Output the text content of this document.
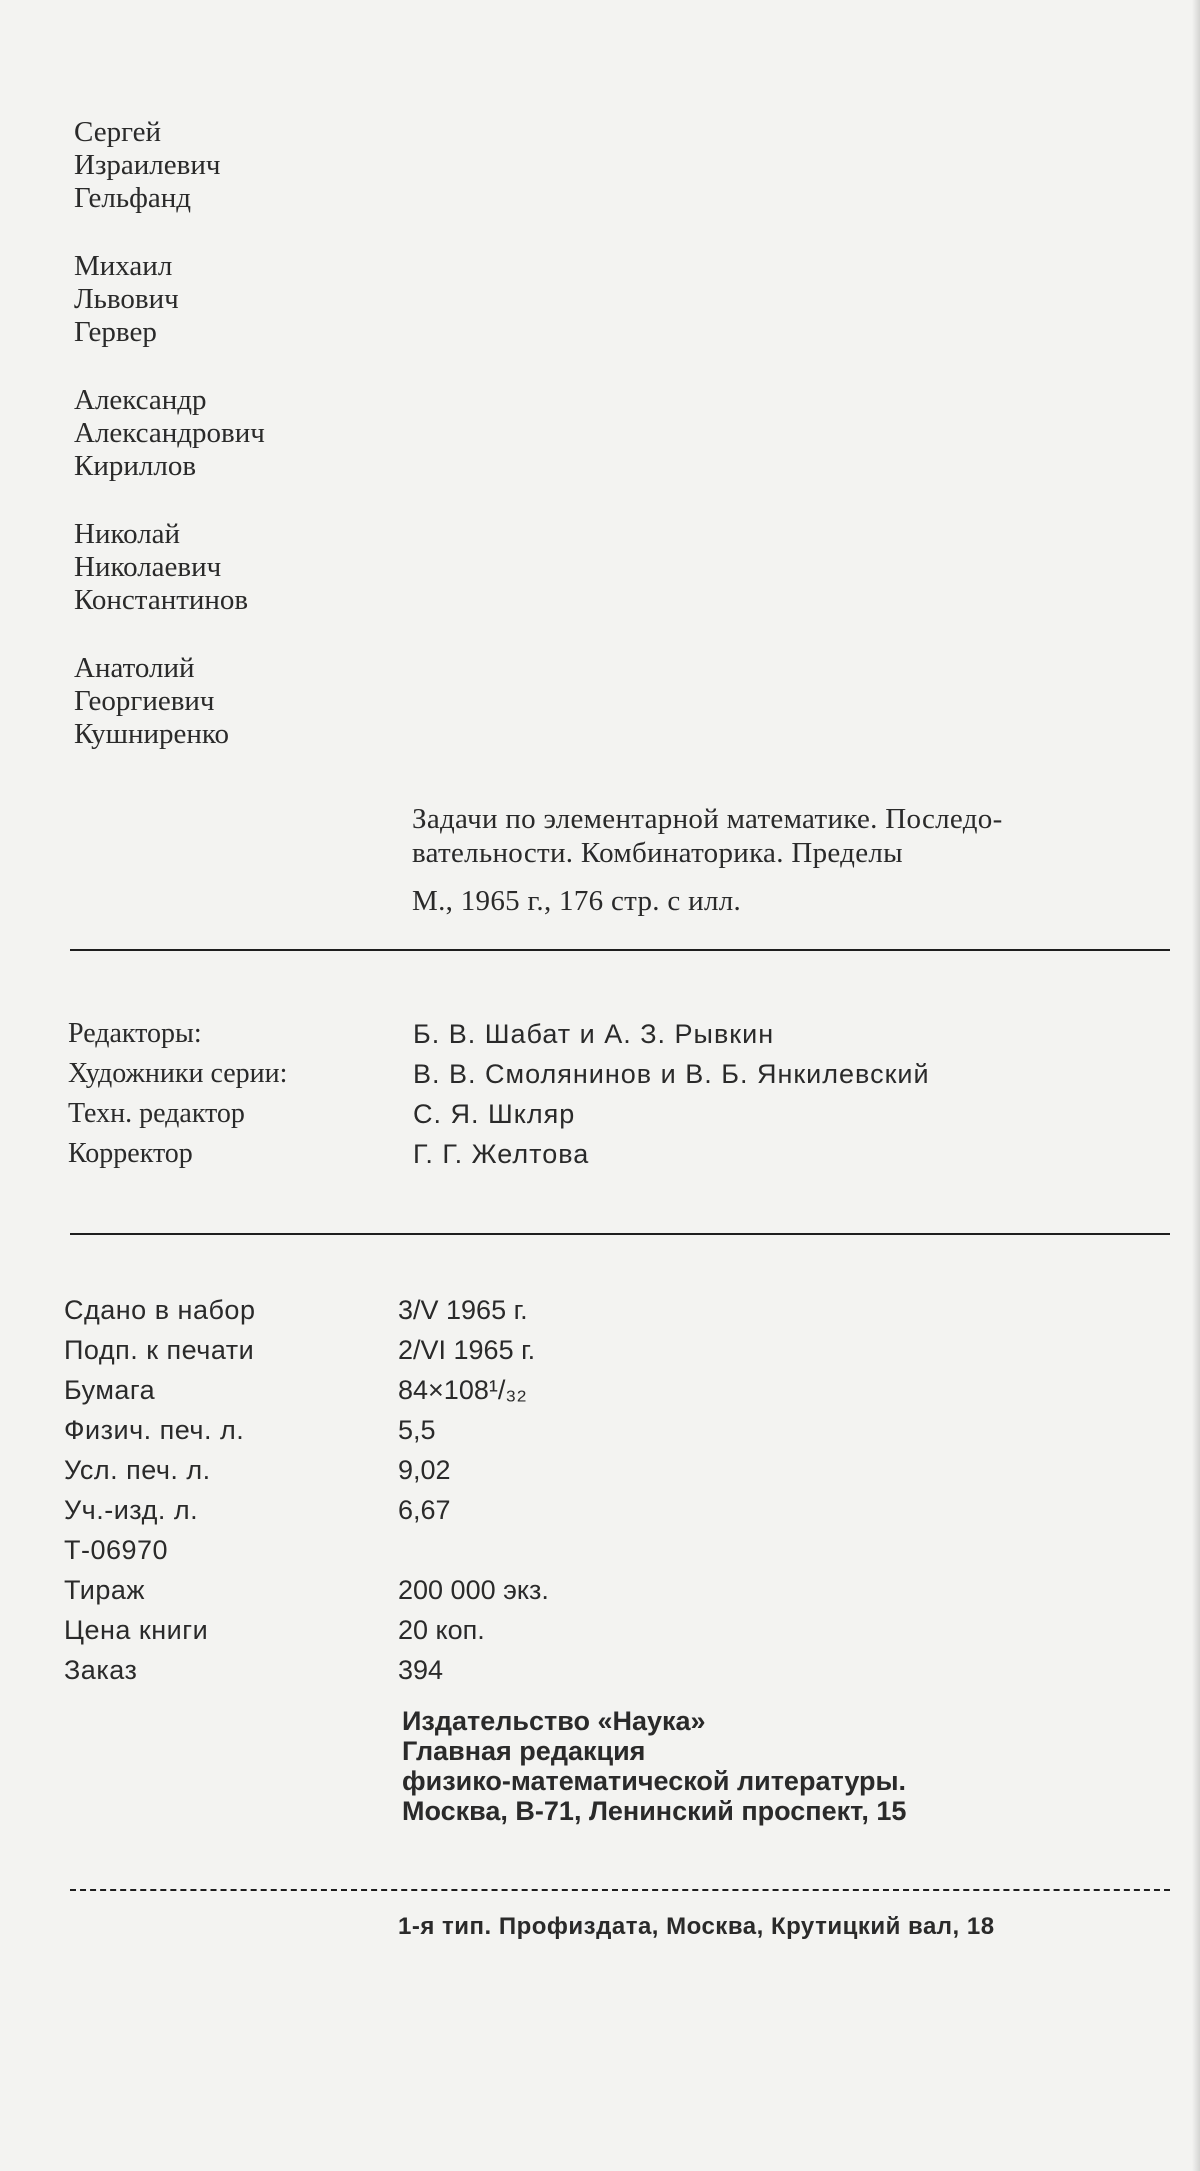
Сергей
Израилевич
Гельфанд
Михаил
Львович
Гервер
Александр
Александрович
Кириллов
Николай
Николаевич
Константинов
Анатолий
Георгиевич
Кушниренко
Задачи по элементарной математике. Последо-
вательности. Комбинаторика. Пределы
М., 1965 г., 176 стр. с илл.
Редакторы:	Б. В. Шабат и А. З. Рывкин
Художники серии:	В. В. Смолянинов и В. Б. Янкилевский
Техн. редактор	С. Я. Шкляр
Корректор	Г. Г. Желтова
Сдано в набор	3/V 1965 г.
Подп. к печати	2/VI 1965 г.
Бумага	84×108¹/₃₂
Физич. печ. л.	5,5
Усл. печ. л.	9,02
Уч.-изд. л.	6,67
Т-06970
Тираж	200 000 экз.
Цена книги	20 коп.
Заказ	394
Издательство «Наука»
Главная редакция
физико-математической литературы.
Москва, В-71, Ленинский проспект, 15
1-я тип. Профиздата, Москва, Крутицкий вал, 18
